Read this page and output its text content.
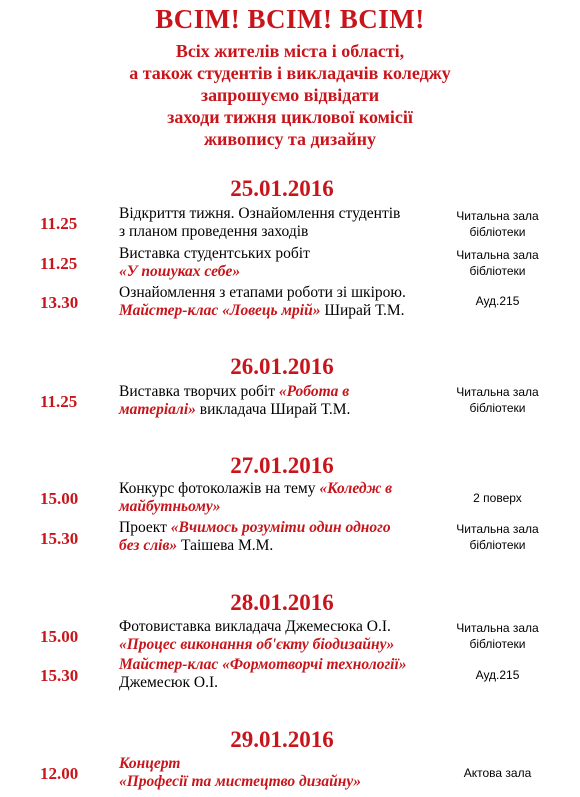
ВСІМ! ВСІМ! ВСІМ!
Всіх жителів міста і області,
а також студентів і викладачів коледжу
запрошуємо відвідати
заходи тижня циклової комісії
живопису та дизайну
25.01.2016
11.25
Відкриття тижня. Ознайомлення студентів
з планом проведення заходів
Читальна зала
бібліотеки
11.25
Виставка студентських робіт
«У пошуках себе»
Читальна зала
бібліотеки
13.30
Ознайомлення з етапами роботи зі шкірою.
Майстер-клас «Ловець мрій» Ширай Т.М.
Ауд.215
26.01.2016
11.25
Виставка творчих робіт «Робота в
матеріалі» викладача Ширай Т.М.
Читальна зала
бібліотеки
27.01.2016
15.00
Конкурс фотоколажів на тему «Коледж в
майбутньому»	2 поверх
15.30
Проект «Вчимось розуміти один одного
без слів» Таішева М.М.
Читальна зала
бібліотеки
28.01.2016
15.00
Фотовиставка викладача Джемесюка О.І.
«Процес виконання об'єкту біодизайну»
Читальна зала
бібліотеки
15.30
Майстер-клас «Формотворчі технології»
Джемесюк О.І.	Ауд.215
29.01.2016
12.00
Концерт
«Професії та мистецтво дизайну»	Актова зала
